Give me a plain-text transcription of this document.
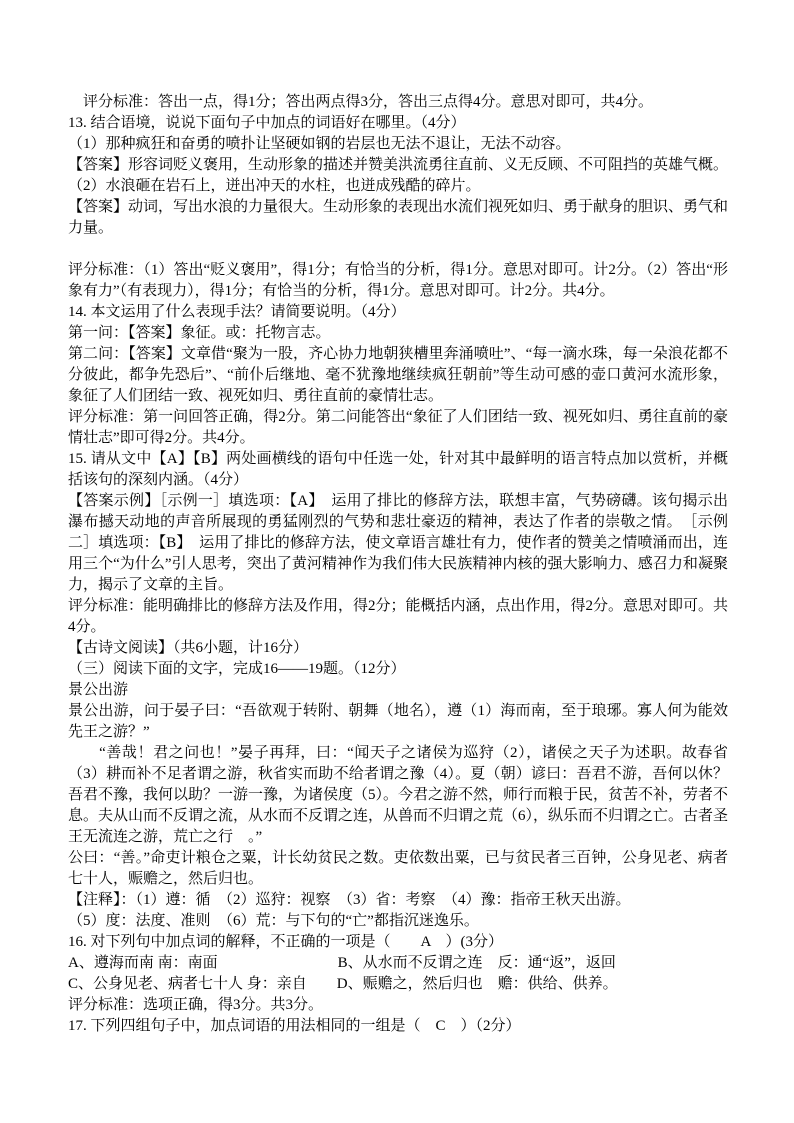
　评分标准：答出一点，得1分；答出两点得3分，答出三点得4分。意思对即可，共4分。

13. 结合语境，说说下面句子中加点的词语好在哪里。（4分）

（1）那种疯狂和奋勇的喷扑让坚硬如钢的岩层也无法不退让，无法不动容。

【答案】形容词贬义褒用，生动形象的描述并赞美洪流勇往直前、义无反顾、不可阻挡的英雄气概。

（2）水浪砸在岩石上，迸出冲天的水柱，也迸成残酷的碎片。

【答案】动词，写出水浪的力量很大。生动形象的表现出水流们视死如归、勇于献身的胆识、勇气和力量。

评分标准：（1）答出“贬义褒用”，得1分；有恰当的分析，得1分。意思对即可。计2分。（2）答出“形象有力”（有表现力），得1分；有恰当的分析，得1分。意思对即可。计2分。共4分。

14. 本文运用了什么表现手法？请简要说明。（4分）

第一问：【答案】象征。或：托物言志。

第二问：【答案】文章借“聚为一股，齐心协力地朝狭槽里奔涌喷吐”、“每一滴水珠，每一朵浪花都不分彼此，都争先恐后”、“前仆后继地、毫不犹豫地继续疯狂朝前”等生动可感的壶口黄河水流形象，象征了人们团结一致、视死如归、勇往直前的豪情壮志。

评分标准：第一问回答正确，得2分。第二问能答出“象征了人们团结一致、视死如归、勇往直前的豪情壮志”即可得2分。共4分。

15. 请从文中【A】【B】两处画横线的语句中任选一处，针对其中最鲜明的语言特点加以赏析，并概括该句的深刻内涵。（4分）

【答案示例】［示例一］填选项：【A】　运用了排比的修辞方法，联想丰富，气势磅礴。该句揭示出瀑布撼天动地的声音所展现的勇猛刚烈的气势和悲壮豪迈的精神，表达了作者的崇敬之情。　［示例二］填选项：【B】　运用了排比的修辞方法，使文章语言雄壮有力，使作者的赞美之情喷涌而出，连用三个“为什么”引人思考，突出了黄河精神作为我们伟大民族精神内核的强大影响力、感召力和凝聚力，揭示了文章的主旨。

评分标准：能明确排比的修辞方法及作用，得2分；能概括内涵，点出作用，得2分。意思对即可。共4分。

【古诗文阅读】（共6小题，计16分）

（三）阅读下面的文字，完成16——19题。（12分）

景公出游

景公出游，问于晏子曰：“吾欲观于转附、朝舞（地名），遵（1）海而南，至于琅琊。寡人何为能效先王之游？”

　　“善哉！君之问也！”晏子再拜，曰：“闻天子之诸侯为巡狩（2），诸侯之天子为述职。故春省（3）耕而补不足者谓之游，秋省实而助不给者谓之豫（4）。夏（朝）谚曰：吾君不游，吾何以休？吾君不豫，我何以助？一游一豫，为诸侯度（5）。今君之游不然，师行而粮于民，贫苦不补，劳者不息。夫从山而不反谓之流，从水而不反谓之连，从兽而不归谓之荒（6），纵乐而不归谓之亡。古者圣王无流连之游，荒亡之行　。”

公曰：“善。”命吏计粮仓之粟，计长幼贫民之数。吏依数出粟，已与贫民者三百钟，公身见老、病者七十人，赈赡之，然后归也。

【注释】：（1）遵：循　（2）巡狩：视察　（3）省：考察　（4）豫：指帝王秋天出游。

（5）度：法度、准则　（6）荒：与下句的“亡”都指沉迷逸乐。

16. 对下列句中加点词的解释，不正确的一项是（　　A　）(3分）

A、遵海而南 南：南面　　　　　　　　B、从水而不反谓之连　反：通“返”，返回

C、公身见老、病者七十人 身：亲自　　D、赈赡之，然后归也　赡：供给、供养。

评分标准：选项正确，得3分。共3分。

17. 下列四组句子中，加点词语的用法相同的一组是（　C　）（2分）
